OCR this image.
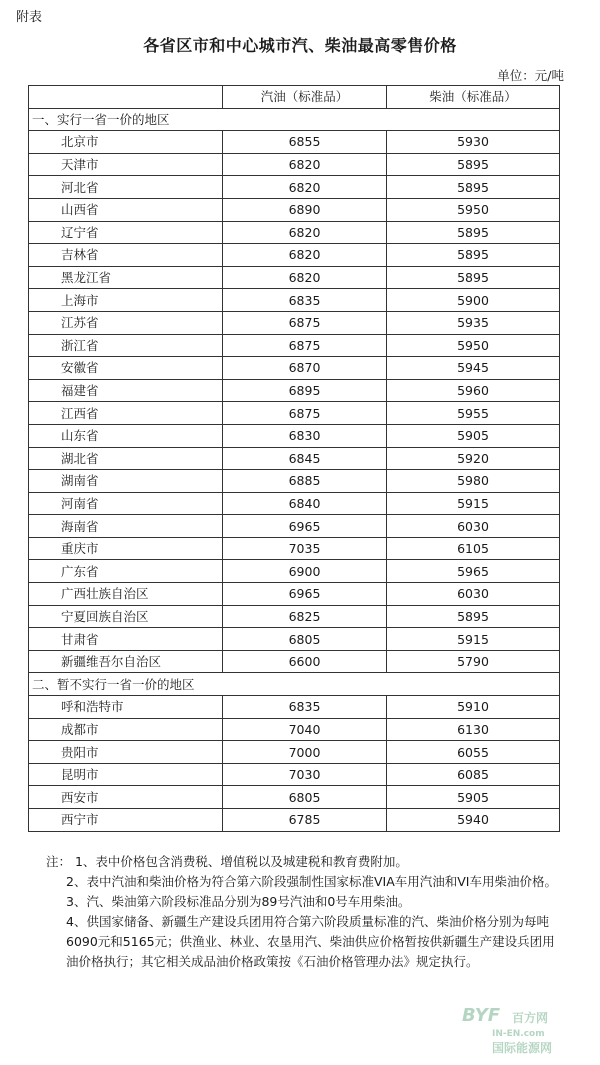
附表
各省区市和中心城市汽、柴油最高零售价格
单位：元/吨
	汽油（标准品）	柴油（标准品）
一、实行一省一价的地区		
北京市	6855	5930
天津市	6820	5895
河北省	6820	5895
山西省	6890	5950
辽宁省	6820	5895
吉林省	6820	5895
黑龙江省	6820	5895
上海市	6835	5900
江苏省	6875	5935
浙江省	6875	5950
安徽省	6870	5945
福建省	6895	5960
江西省	6875	5955
山东省	6830	5905
湖北省	6845	5920
湖南省	6885	5980
河南省	6840	5915
海南省	6965	6030
重庆市	7035	6105
广东省	6900	5965
广西壮族自治区	6965	6030
宁夏回族自治区	6825	5895
甘肃省	6805	5915
新疆维吾尔自治区	6600	5790
二、暂不实行一省一价的地区		
呼和浩特市	6835	5910
成都市	7040	6130
贵阳市	7000	6055
昆明市	7030	6085
西安市	6805	5905
西宁市	6785	5940

注： 1、表中价格包含消费税、增值税以及城建税和教育费附加。

2、表中汽油和柴油价格为符合第六阶段强制性国家标准VIA车用汽油和VI车用柴油价格。

3、汽、柴油第六阶段标准品分别为89号汽油和0号车用柴油。

4、供国家储备、新疆生产建设兵团用符合第六阶段质量标准的汽、柴油价格分别为每吨6090元和5165元；供渔业、林业、农垦用汽、柴油供应价格暂按供新疆生产建设兵团用油价格执行；其它相关成品油价格政策按《石油价格管理办法》规定执行。

BYF 百方网
IN-EN.com
国际能源网
